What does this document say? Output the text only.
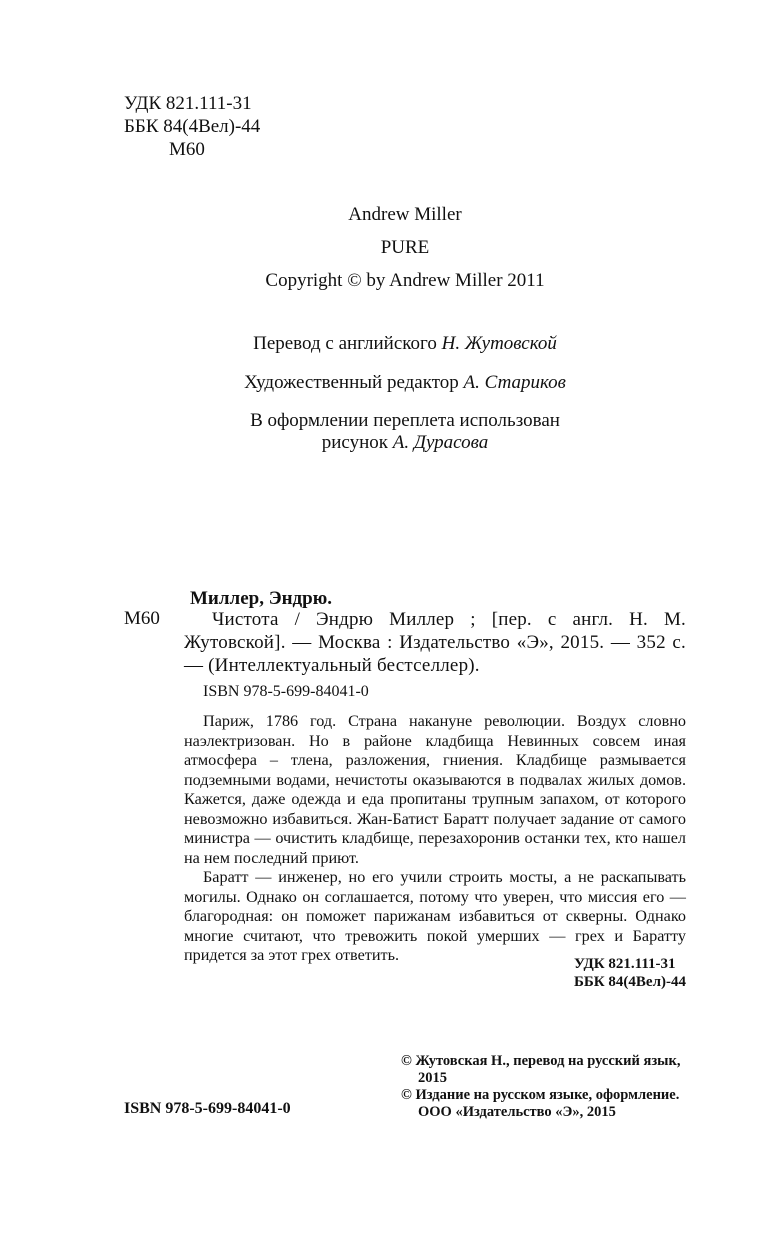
УДК 821.111-31
ББК 84(4Вел)-44
М60
Andrew Miller
PURE
Copyright © by Andrew Miller 2011
Перевод с английского Н. Жутовской
Художественный редактор А. Стариков
В оформлении переплета использован
рисунок А. Дурасова
Миллер, Эндрю.
М60	Чистота / Эндрю Миллер ; [пер. с англ. Н. М. Жутовской]. — Москва : Издательство «Э», 2015. — 352 с. — (Интеллектуальный бестселлер).
ISBN 978-5-699-84041-0

Париж, 1786 год. Страна накануне революции. Воздух словно наэлектризован. Но в районе кладбища Невинных совсем иная атмосфера – тлена, разложения, гниения. Кладбище размывается подземными водами, нечистоты оказываются в подвалах жилых домов. Кажется, даже одежда и еда пропитаны трупным запахом, от которого невозможно избавиться. Жан-Батист Баратт получает задание от самого министра — очистить кладбище, перезахоронив останки тех, кто нашел на нем последний приют.

Баратт — инженер, но его учили строить мосты, а не раскапывать могилы. Однако он соглашается, потому что уверен, что миссия его — благородная: он поможет парижанам избавиться от скверны. Однако многие считают, что тревожить покой умерших — грех и Баратту придется за этот грех ответить.	УДК 821.111-31
ББК 84(4Вел)-44
© Жутовская Н., перевод на русский язык, 2015
© Издание на русском языке, оформление. ООО «Издательство «Э», 2015
ISBN 978-5-699-84041-0
